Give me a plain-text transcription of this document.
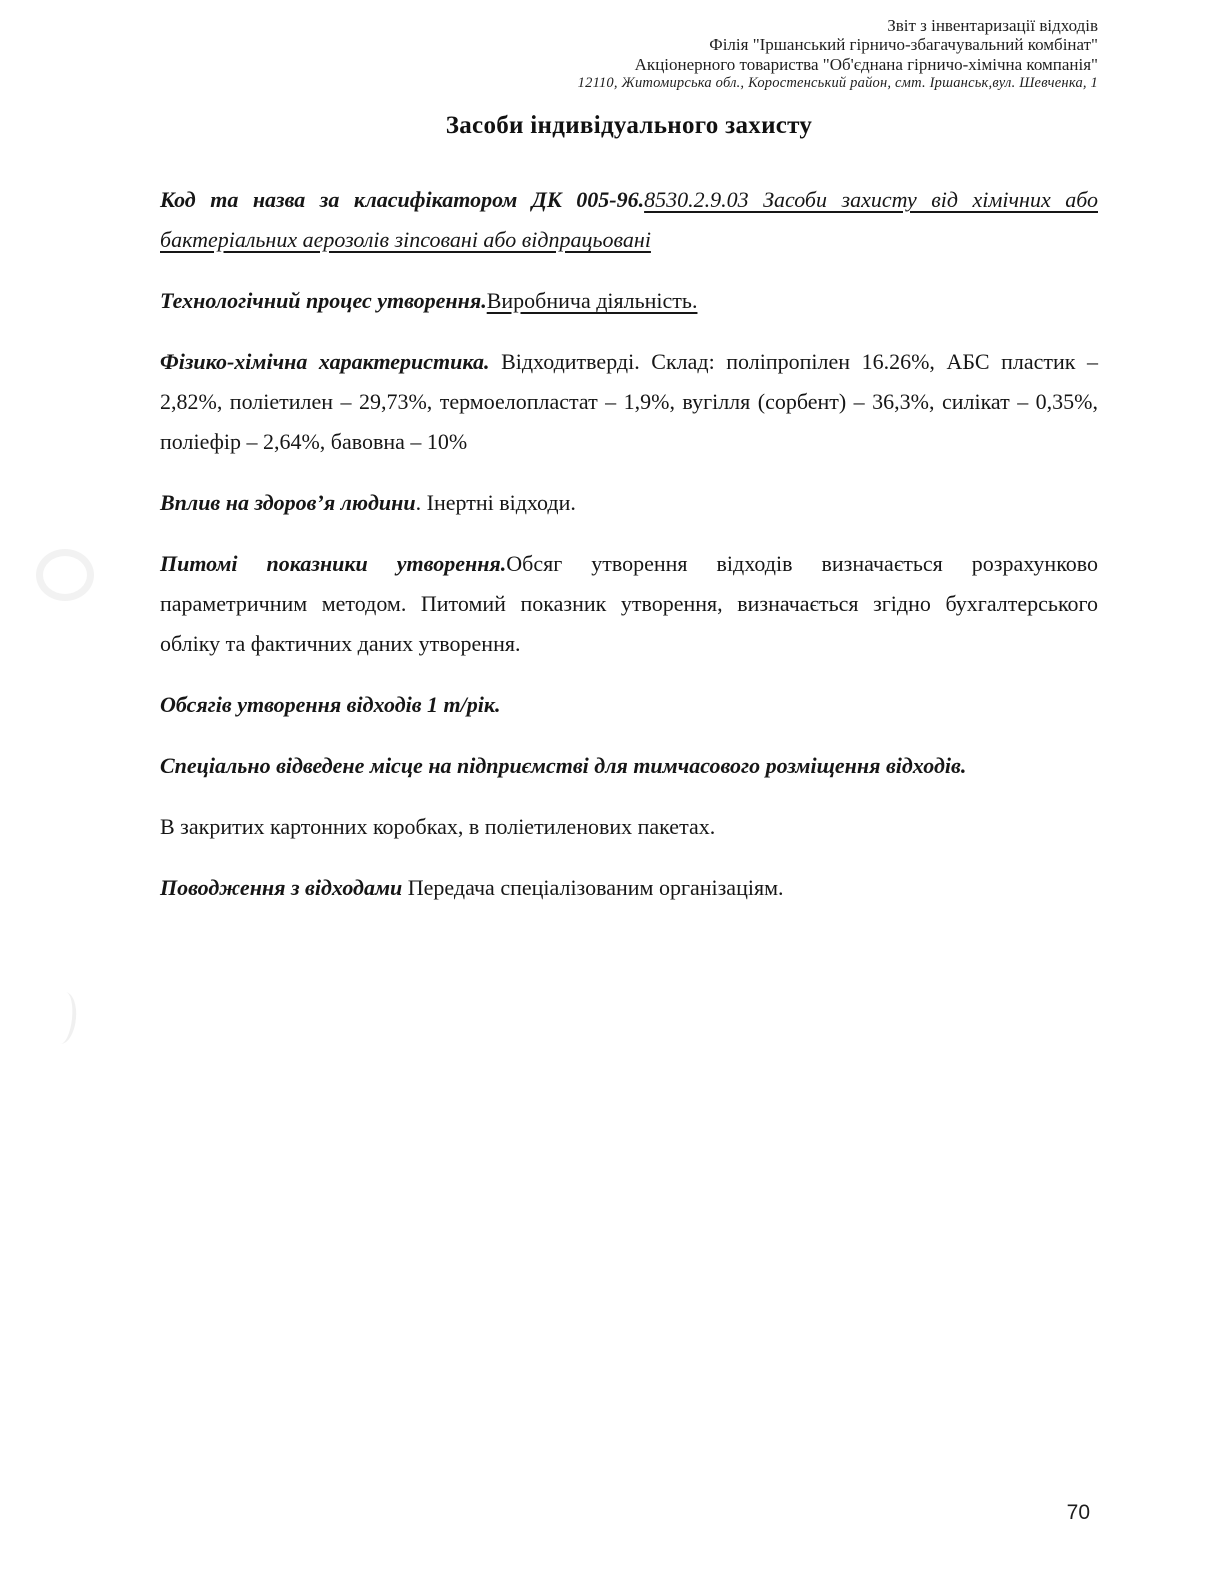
Звіт з інвентаризації відходів
Філія "Іршанський гірничо-збагачувальний комбінат"
Акціонерного товариства "Об'єднана гірничо-хімічна компанія"
12110, Житомирська обл., Коростенський район, смт. Іршанськ,вул. Шевченка, 1
Засоби індивідуального захисту

Код та назва за класифікатором ДК 005-96.8530.2.9.03 Засоби захисту від хімічних або бактеріальних аерозолів зіпсовані або відпрацьовані

Технологічний процес утворення.Виробнича діяльність.

Фізико-хімічна характеристика. Відходитверді. Склад: поліпропілен 16.26%, АБС пластик – 2,82%, поліетилен – 29,73%, термоелопластат – 1,9%, вугілля (сорбент) – 36,3%, силікат – 0,35%, поліефір – 2,64%, бавовна – 10%

Вплив на здоров’я людини. Інертні відходи.

Питомі показники утворення.Обсяг утворення відходів визначається розрахунково параметричним методом. Питомий показник утворення, визначається згідно бухгалтерського обліку та фактичних даних утворення.

Обсягів утворення відходів 1 т/рік.

Спеціально відведене місце на підприємстві для тимчасового розміщення відходів.

В закритих картонних коробках, в поліетиленових пакетах.

Поводження з відходами Передача спеціалізованим організаціям.

70
